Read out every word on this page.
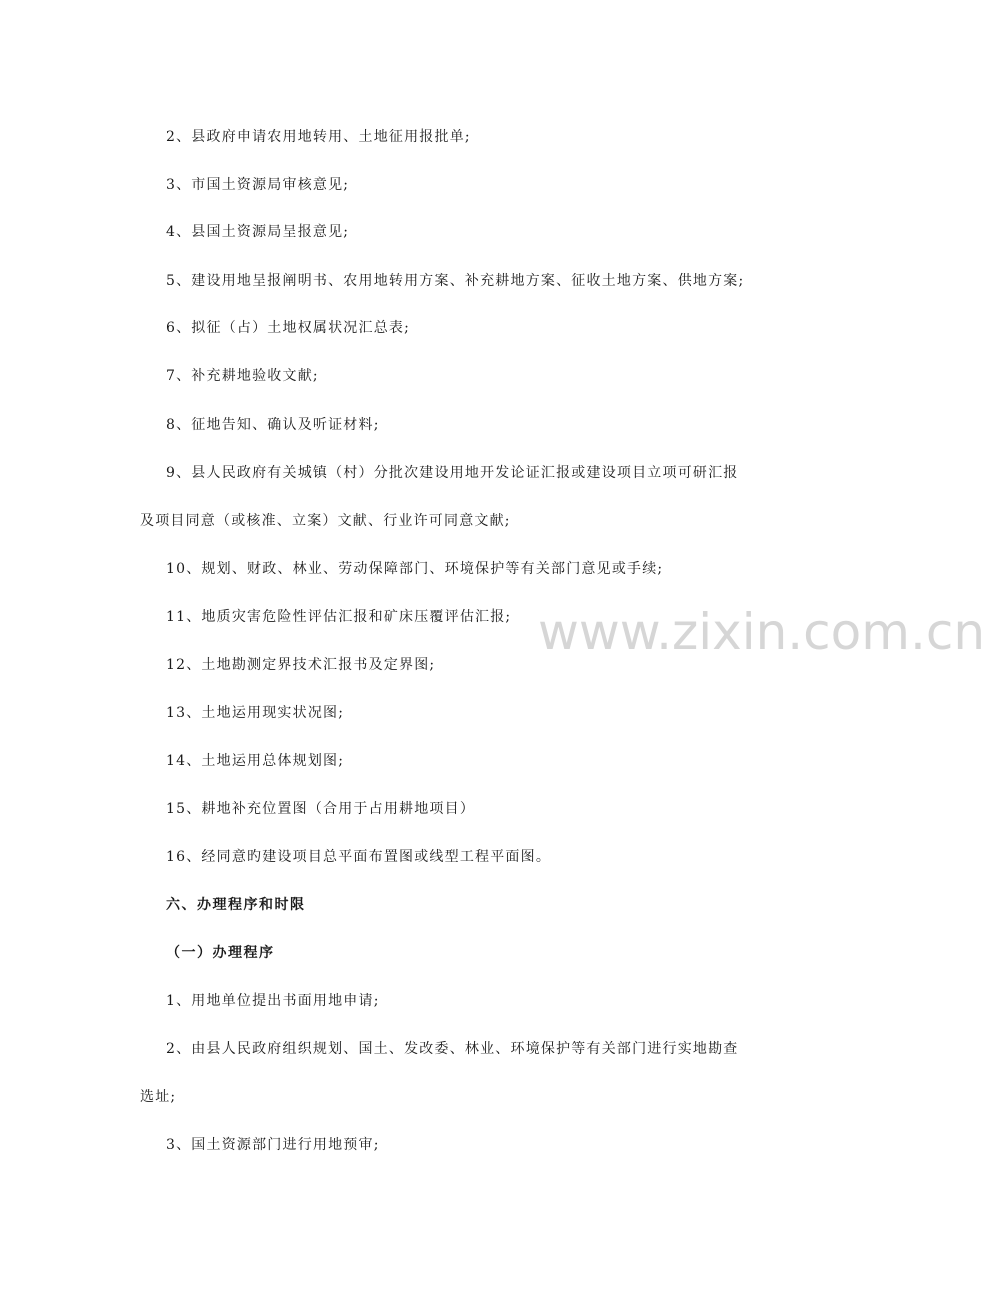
www.zixin.com.cn
2、县政府申请农用地转用、土地征用报批单;
3、市国土资源局审核意见;
4、县国土资源局呈报意见;
5、建设用地呈报阐明书、农用地转用方案、补充耕地方案、征收土地方案、供地方案;
6、拟征（占）土地权属状况汇总表;
7、补充耕地验收文献;
8、征地告知、确认及听证材料;
9、县人民政府有关城镇（村）分批次建设用地开发论证汇报或建设项目立项可研汇报
及项目同意（或核准、立案）文献、行业许可同意文献;
10、规划、财政、林业、劳动保障部门、环境保护等有关部门意见或手续;
11、地质灾害危险性评估汇报和矿床压覆评估汇报;
12、土地勘测定界技术汇报书及定界图;
13、土地运用现实状况图;
14、土地运用总体规划图;
15、耕地补充位置图（合用于占用耕地项目）
16、经同意旳建设项目总平面布置图或线型工程平面图。
六、办理程序和时限
（一）办理程序
1、用地单位提出书面用地申请;
2、由县人民政府组织规划、国土、发改委、林业、环境保护等有关部门进行实地勘查
选址;
3、国土资源部门进行用地预审;
